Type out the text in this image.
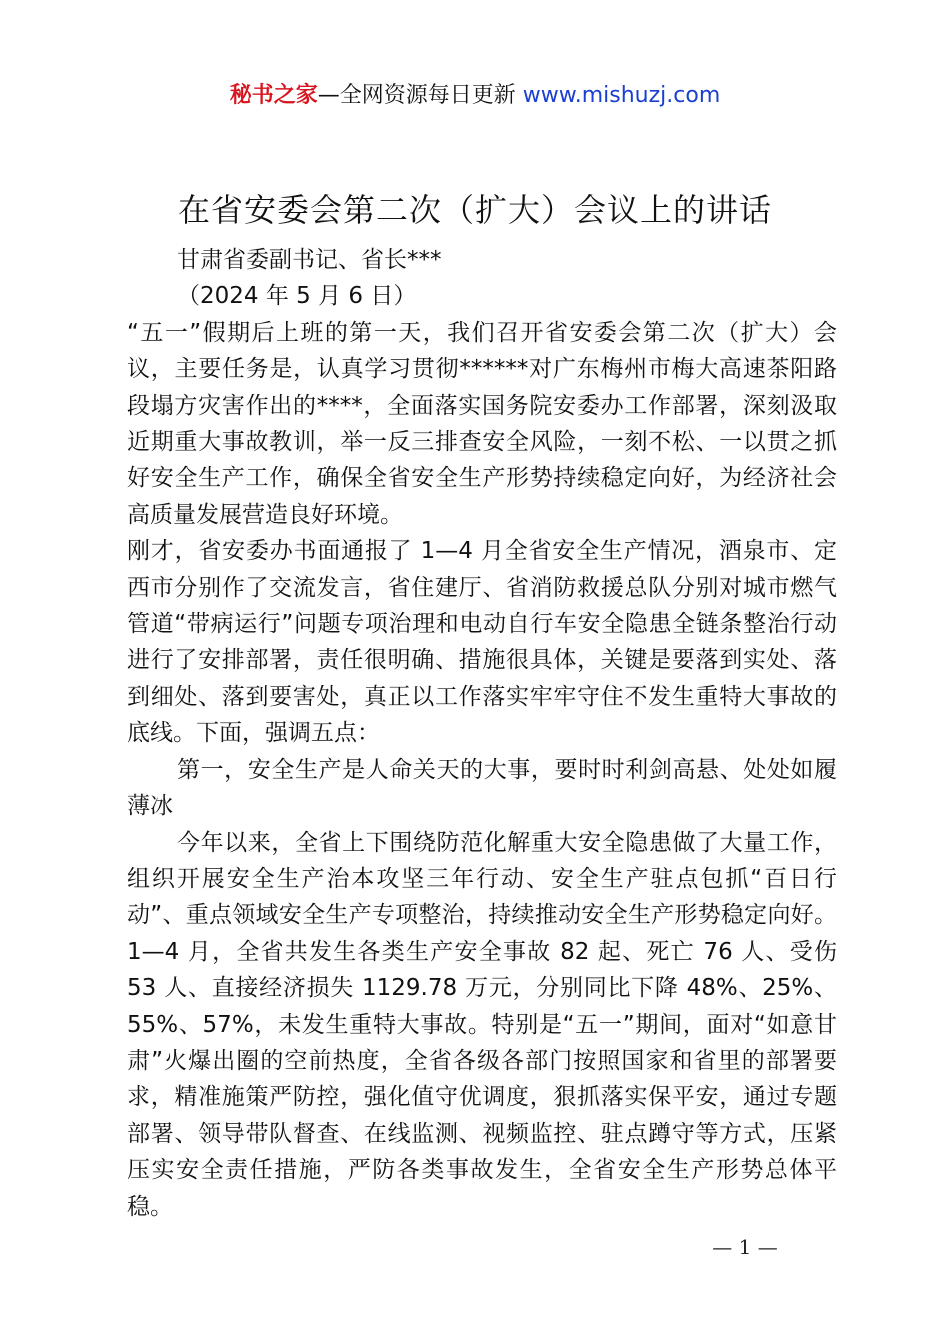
秘书之家—全网资源每日更新 www.mishuzj.com
在省安委会第二次（扩大）会议上的讲话

甘肃省委副书记、省长***

（2024 年 5 月 6 日）

“五一”假期后上班的第一天，我们召开省安委会第二次（扩大）会议，主要任务是，认真学习贯彻******对广东梅州市梅大高速茶阳路段塌方灾害作出的****，全面落实国务院安委办工作部署，深刻汲取近期重大事故教训，举一反三排查安全风险，一刻不松、一以贯之抓好安全生产工作，确保全省安全生产形势持续稳定向好，为经济社会高质量发展营造良好环境。

刚才，省安委办书面通报了 1—4 月全省安全生产情况，酒泉市、定西市分别作了交流发言，省住建厅、省消防救援总队分别对城市燃气管道“带病运行”问题专项治理和电动自行车安全隐患全链条整治行动进行了安排部署，责任很明确、措施很具体，关键是要落到实处、落到细处、落到要害处，真正以工作落实牢牢守住不发生重特大事故的底线。下面，强调五点：

第一，安全生产是人命关天的大事，要时时利剑高悬、处处如履薄冰

今年以来，全省上下围绕防范化解重大安全隐患做了大量工作，组织开展安全生产治本攻坚三年行动、安全生产驻点包抓“百日行动”、重点领域安全生产专项整治，持续推动安全生产形势稳定向好。1—4 月，全省共发生各类生产安全事故 82 起、死亡 76 人、受伤 53 人、直接经济损失 1129.78 万元，分别同比下降 48%、25%、55%、57%，未发生重特大事故。特别是“五一”期间，面对“如意甘肃”火爆出圈的空前热度，全省各级各部门按照国家和省里的部署要求，精准施策严防控，强化值守优调度，狠抓落实保平安，通过专题部署、领导带队督查、在线监测、视频监控、驻点蹲守等方式，压紧压实安全责任措施，严防各类事故发生，全省安全生产形势总体平稳。

— 1 —
